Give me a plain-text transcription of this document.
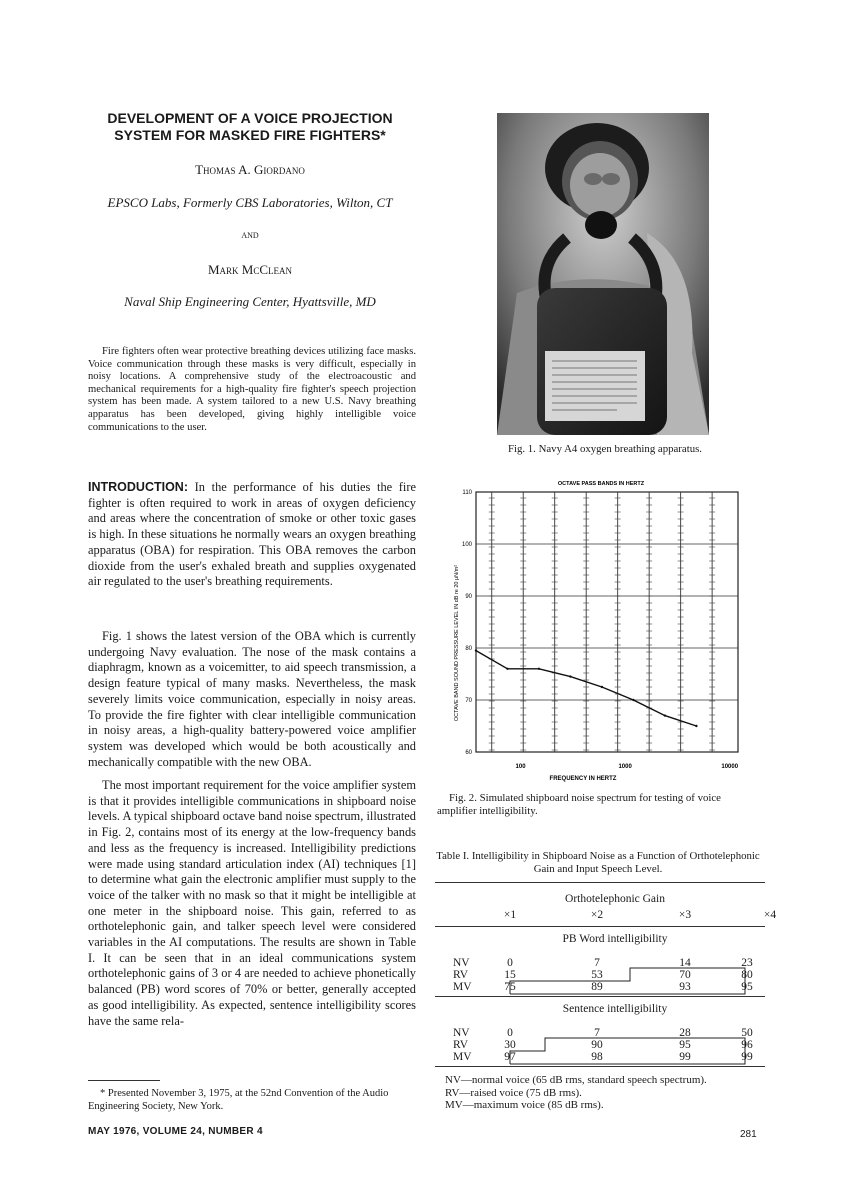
DEVELOPMENT OF A VOICE PROJECTION SYSTEM FOR MASKED FIRE FIGHTERS*
Thomas A. Giordano
EPSCO Labs, Formerly CBS Laboratories, Wilton, CT
and
Mark McClean
Naval Ship Engineering Center, Hyattsville, MD

Fire fighters often wear protective breathing devices utilizing face masks. Voice communication through these masks is very difficult, especially in noisy locations. A comprehensive study of the electroacoustic and mechanical requirements for a high-quality fire fighter's speech projection system has been made. A system tailored to a new U.S. Navy breathing apparatus has been developed, giving highly intelligible voice communications to the user.

INTRODUCTION: In the performance of his duties the fire fighter is often required to work in areas of oxygen deficiency and areas where the concentration of smoke or other toxic gases is high. In these situations he normally wears an oxygen breathing apparatus (OBA) for respiration. This OBA removes the carbon dioxide from the user's exhaled breath and supplies oxygenated air regulated to the user's breathing requirements.

Fig. 1 shows the latest version of the OBA which is currently undergoing Navy evaluation. The nose of the mask contains a diaphragm, known as a voicemitter, to aid speech transmission, a design feature typical of many masks. Nevertheless, the mask severely limits voice communication, especially in noisy areas. To provide the fire fighter with clear intelligible communication in noisy areas, a high-quality battery-powered voice amplifier system was developed which would be both acoustically and mechanically compatible with the new OBA.

The most important requirement for the voice amplifier system is that it provides intelligible communications in shipboard noise levels. A typical shipboard octave band noise spectrum, illustrated in Fig. 2, contains most of its energy at the low-frequency bands and less as the frequency is increased. Intelligibility predictions were made using standard articulation index (AI) techniques [1] to determine what gain the electronic amplifier must supply to the voice of the talker with no mask so that it might be intelligible at one meter in the shipboard noise. This gain, referred to as orthotelephonic gain, and talker speech level were considered variables in the AI computations. The results are shown in Table I. It can be seen that in an ideal communications system orthotelephonic gains of 3 or 4 are needed to achieve phonetically balanced (PB) word scores of 70% or better, generally accepted as good intelligibility. As expected, sentence intelligibility scores have the same rela-

* Presented November 3, 1975, at the 52nd Convention of the Audio Engineering Society, New York.
MAY 1976, VOLUME 24, NUMBER 4	281
Fig. 1. Navy A4 oxygen breathing apparatus.
OCTAVE PASS BANDS IN HERTZ
FREQUENCY IN HERTZ
OCTAVE BAND SOUND PRESSURE LEVEL IN dB re 20 μN/m²
60
70
80
90
100
110
100	1000	10000
Fig. 2. Simulated shipboard noise spectrum for testing of voice amplifier intelligibility.
Table I. Intelligibility in Shipboard Noise as a Function of Orthotelephonic Gain and Input Speech Level.
Orthotelephonic Gain
×1	×2	×3	×4
PB Word intelligibility
NV	0	7	14	23
RV	15	53	70	80
MV	75	89	93	95
Sentence intelligibility
NV	0	7	28	50
RV	30	90	95	96
MV	97	98	99	99
NV—normal voice (65 dB rms, standard speech spectrum).
RV—raised voice (75 dB rms).
MV—maximum voice (85 dB rms).
